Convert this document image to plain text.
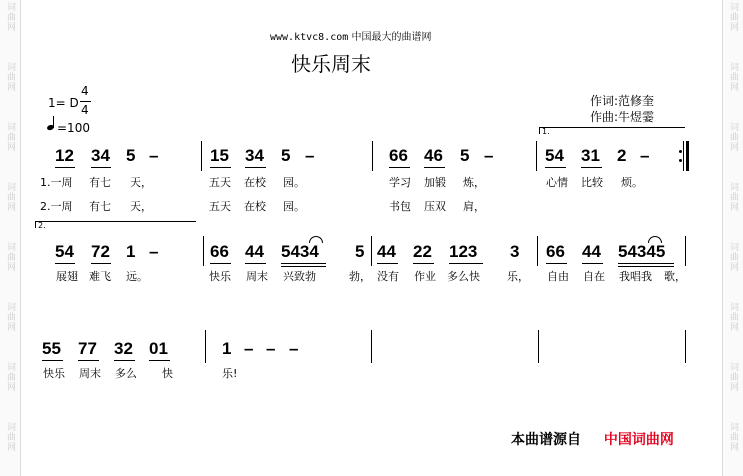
词曲网
词曲网
词曲网
词曲网
词曲网
词曲网
词曲网
词曲网
词曲网
词曲网
词曲网
词曲网
词曲网
词曲网
词曲网
词曲网
www.ktvc8.com 中国最大的曲谱网
快乐周末
1= D
4
4
=100
作词:范修奎
作曲:牛煜霎
1.
12 34 5 –	15 34 5 –	66 46 5 –	54 31 2 –
1.一周 有七 天，	五天 在校 园。	学习 加锻 炼，	心情 比较 烦。
2.一周 有七 天，	五天 在校 园。	书包 压双 肩，
2.
54 72 1 –	66 44 5434 5 44 22 123 3 66 44 54345
展翅 难飞 远。	快乐 周末 兴致勃	勃， 没有 作业 多么快 乐， 自由 自在 我唱我 歌，
55 77 32 01	1 – – –
快乐 周末 多么 快	乐!
本曲谱源自 中国词曲网
